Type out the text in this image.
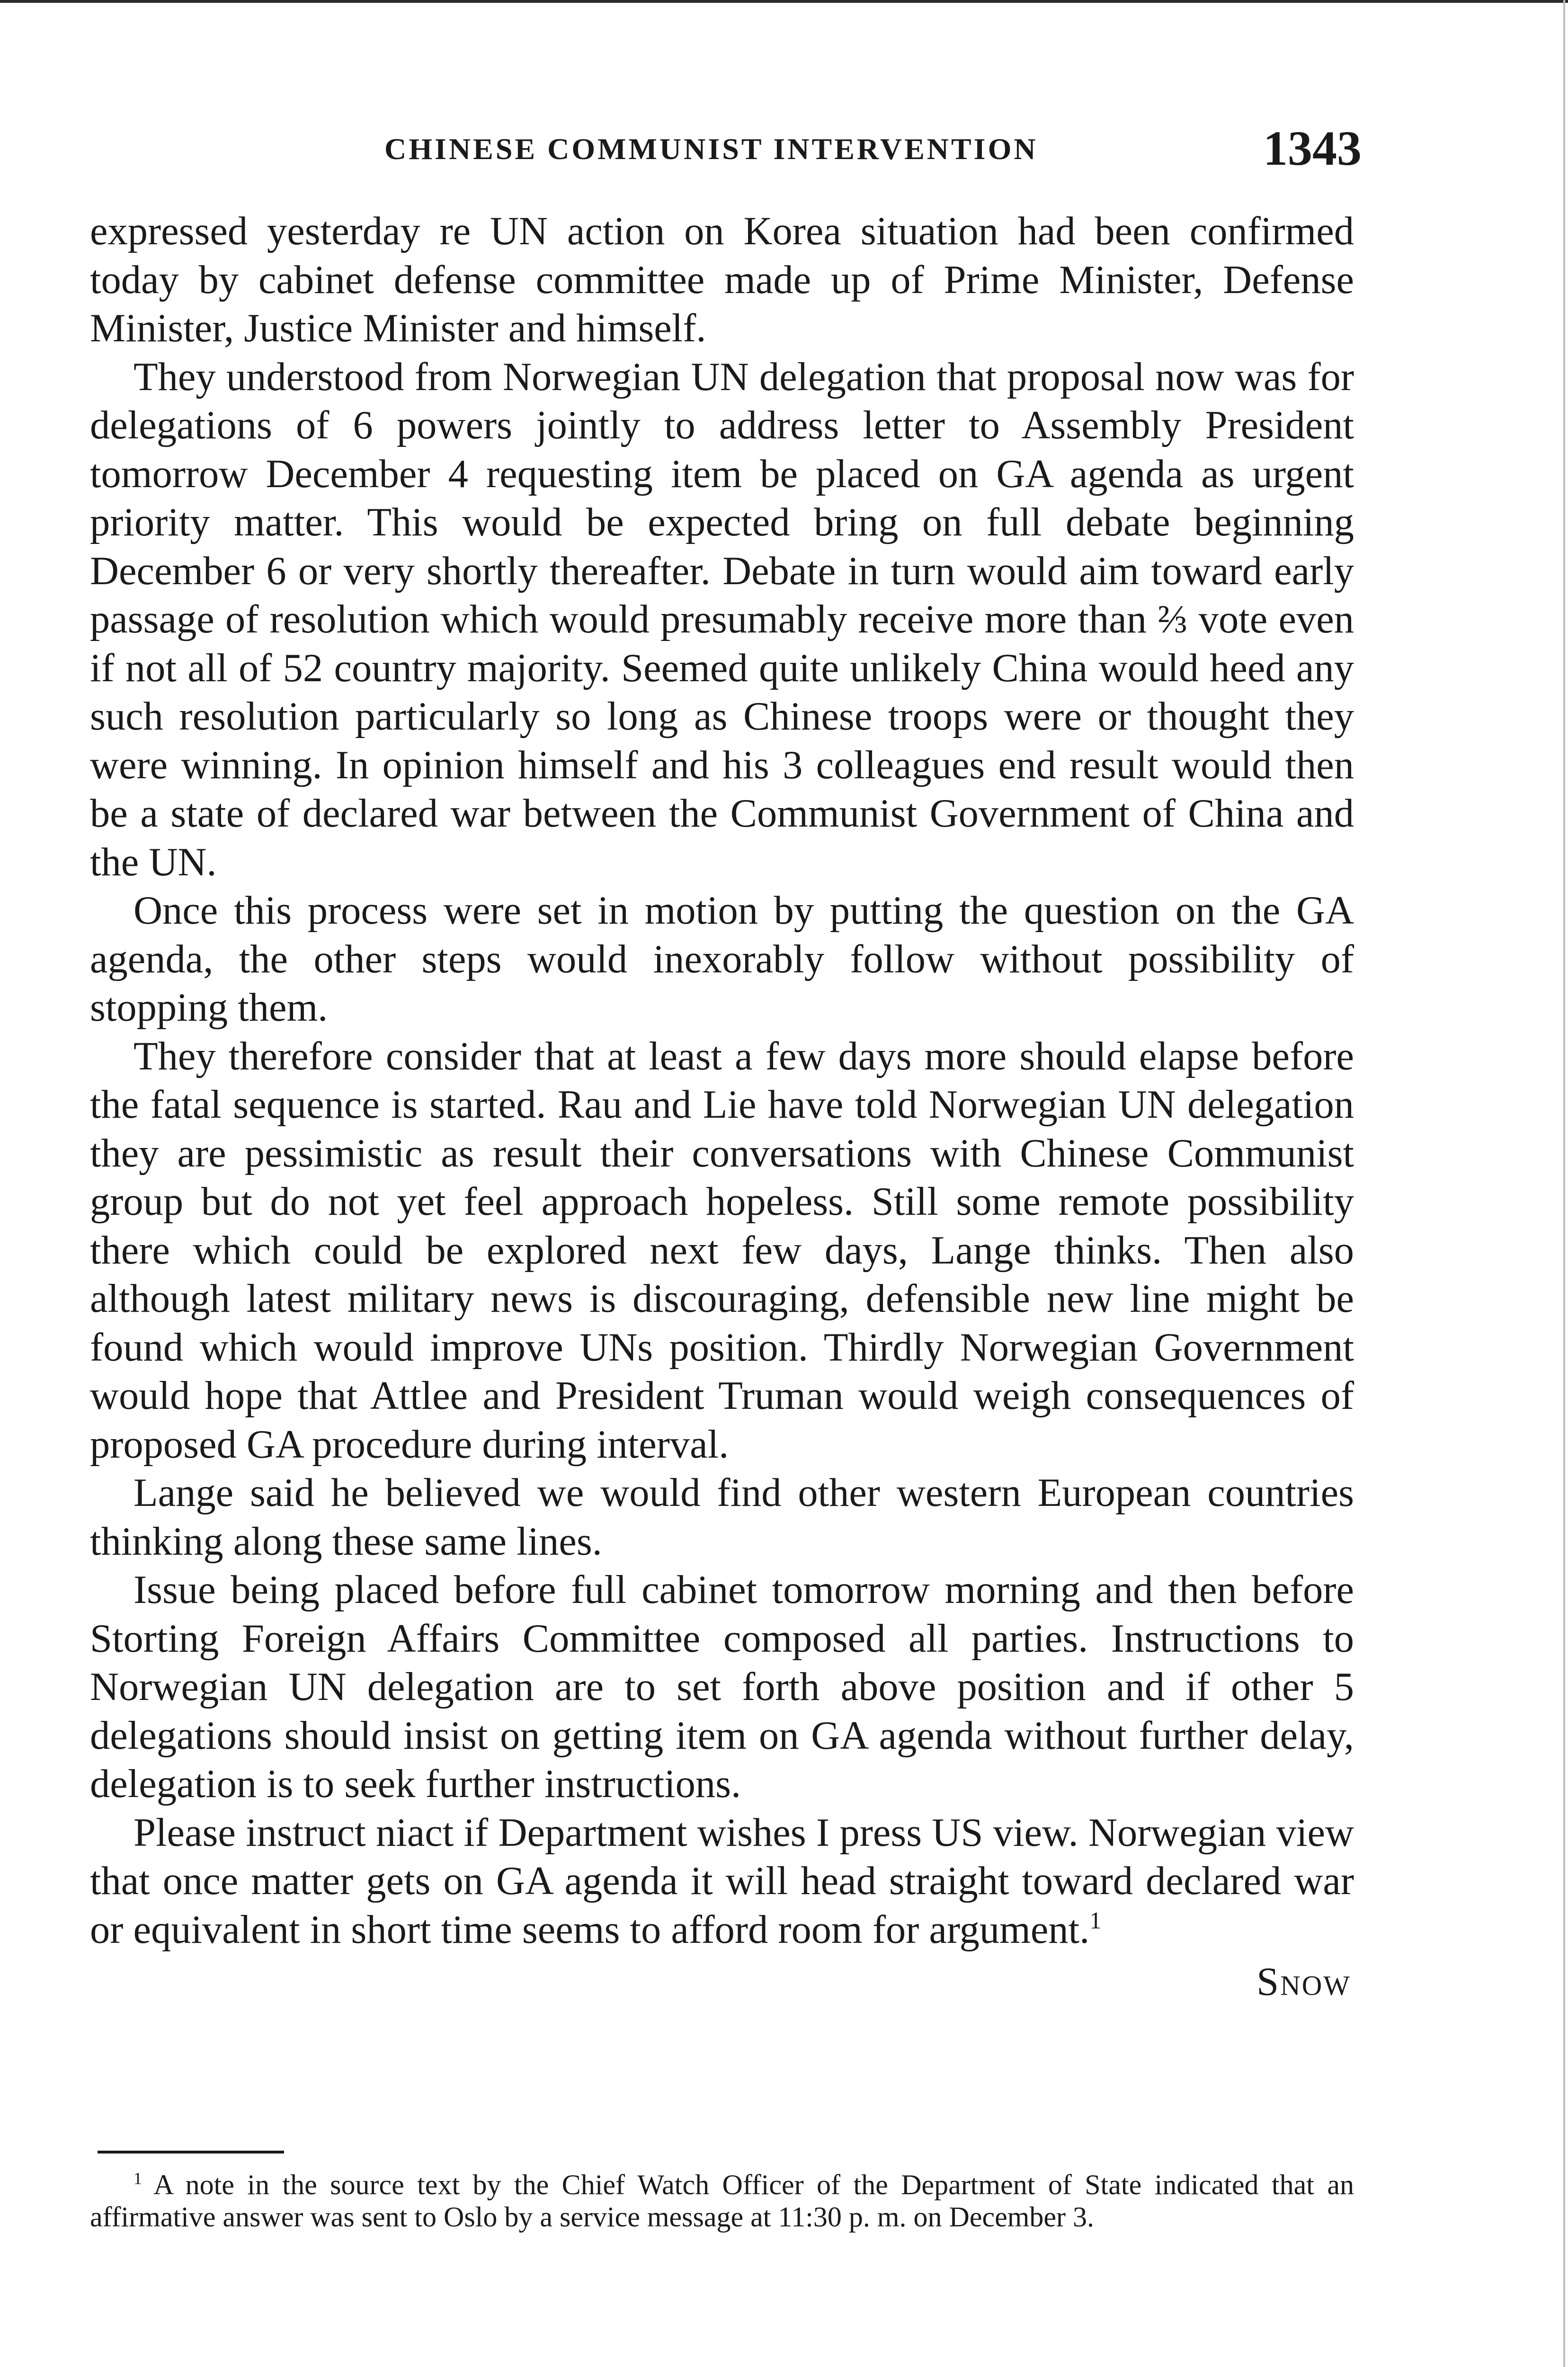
CHINESE COMMUNIST INTERVENTION	1343

expressed yesterday re UN action on Korea situation had been confirmed today by cabinet defense committee made up of Prime Minister, Defense Minister, Justice Minister and himself.

They understood from Norwegian UN delegation that proposal now was for delegations of 6 powers jointly to address letter to Assembly President tomorrow December 4 requesting item be placed on GA agenda as urgent priority matter. This would be expected bring on full debate beginning December 6 or very shortly thereafter. Debate in turn would aim toward early passage of resolution which would presumably receive more than ⅔ vote even if not all of 52 country majority. Seemed quite unlikely China would heed any such resolution particularly so long as Chinese troops were or thought they were winning. In opinion himself and his 3 colleagues end result would then be a state of declared war between the Communist Government of China and the UN.

Once this process were set in motion by putting the question on the GA agenda, the other steps would inexorably follow without possibility of stopping them.

They therefore consider that at least a few days more should elapse before the fatal sequence is started. Rau and Lie have told Norwegian UN delegation they are pessimistic as result their conversations with Chinese Communist group but do not yet feel approach hopeless. Still some remote possibility there which could be explored next few days, Lange thinks. Then also although latest military news is discouraging, defensible new line might be found which would improve UNs position. Thirdly Norwegian Government would hope that Attlee and President Truman would weigh consequences of proposed GA procedure during interval.

Lange said he believed we would find other western European countries thinking along these same lines.

Issue being placed before full cabinet tomorrow morning and then before Storting Foreign Affairs Committee composed all parties. Instructions to Norwegian UN delegation are to set forth above position and if other 5 delegations should insist on getting item on GA agenda without further delay, delegation is to seek further instructions.

Please instruct niact if Department wishes I press US view. Norwegian view that once matter gets on GA agenda it will head straight toward declared war or equivalent in short time seems to afford room for argument.$^1$

Snow
$^1$ A note in the source text by the Chief Watch Officer of the Department of State indicated that an affirmative answer was sent to Oslo by a service message at 11:30 p. m. on December 3.
